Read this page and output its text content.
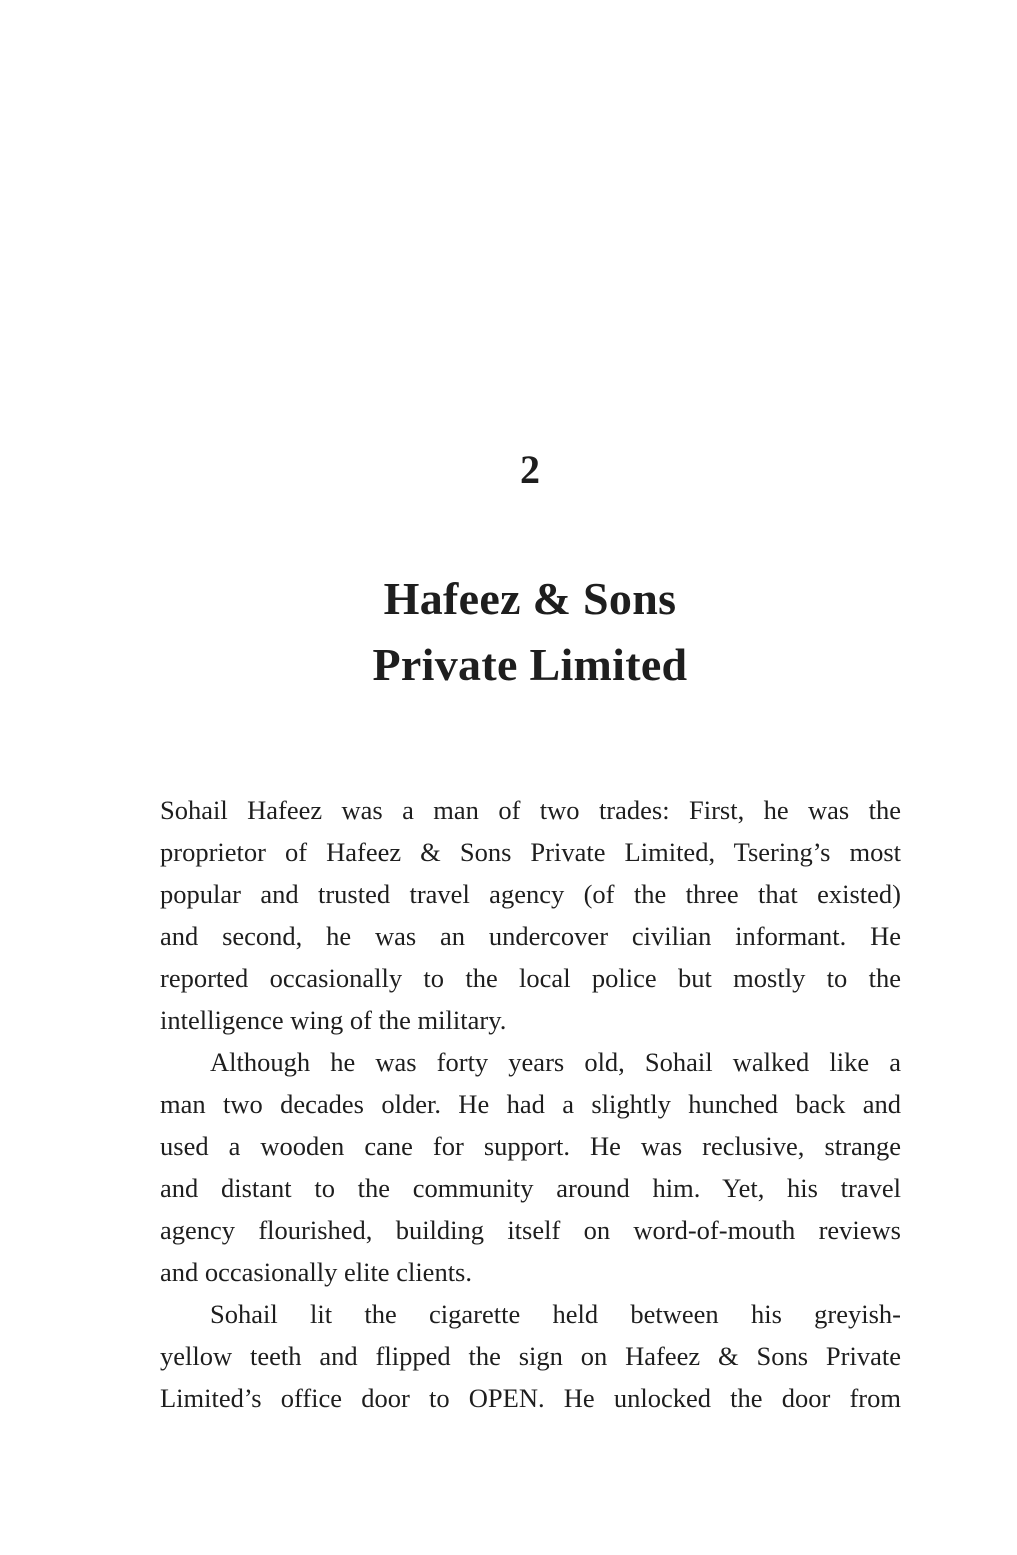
2
Hafeez & Sons
Private Limited
Sohail Hafeez was a man of two trades: First, he was the
proprietor of Hafeez & Sons Private Limited, Tsering’s most
popular and trusted travel agency (of the three that existed)
and second, he was an undercover civilian informant. He
reported occasionally to the local police but mostly to the
intelligence wing of the military.
Although he was forty years old, Sohail walked like a
man two decades older. He had a slightly hunched back and
used a wooden cane for support. He was reclusive, strange
and distant to the community around him. Yet, his travel
agency flourished, building itself on word-of-mouth reviews
and occasionally elite clients.
Sohail lit the cigarette held between his greyish-
yellow teeth and flipped the sign on Hafeez & Sons Private
Limited’s office door to OPEN. He unlocked the door from
